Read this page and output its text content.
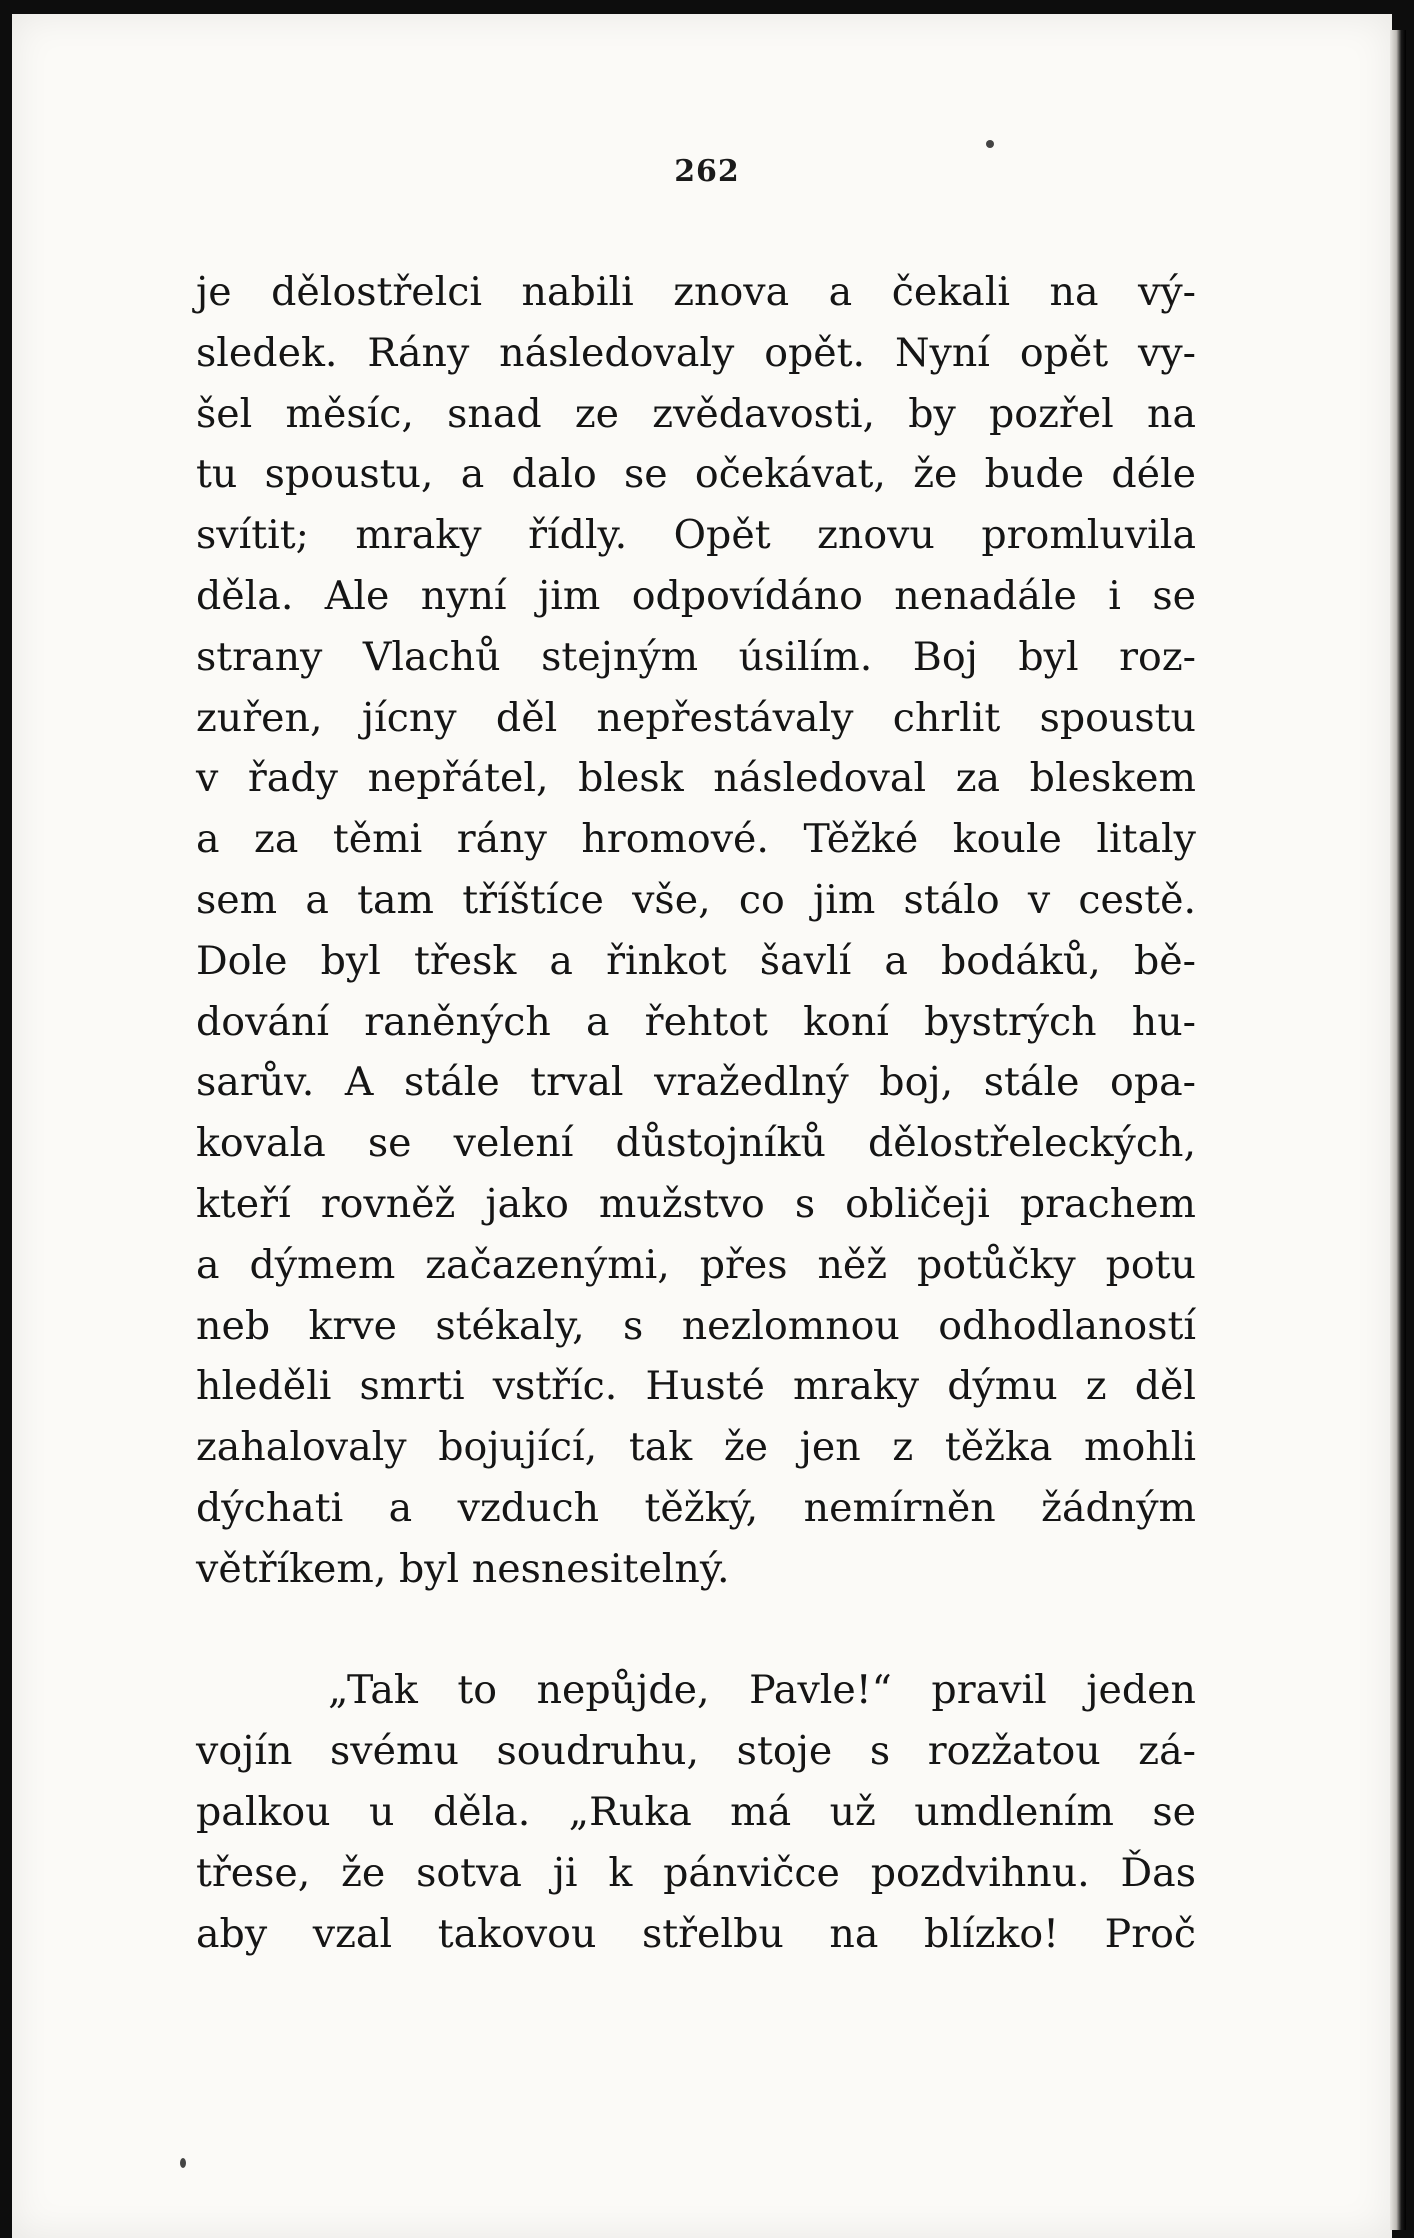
262
je dělostřelci nabili znova a čekali na vý-
sledek. Rány následovaly opět. Nyní opět vy-
šel měsíc, snad ze zvědavosti, by pozřel na
tu spoustu, a dalo se očekávat, že bude déle
svítit; mraky řídly. Opět znovu promluvila
děla. Ale nyní jim odpovídáno nenadále i se
strany Vlachů stejným úsilím. Boj byl roz-
zuřen, jícny děl nepřestávaly chrlit spoustu
v řady nepřátel, blesk následoval za bleskem
a za těmi rány hromové. Těžké koule litaly
sem a tam tříštíce vše, co jim stálo v cestě.
Dole byl třesk a řinkot šavlí a bodáků, bě-
dování raněných a řehtot koní bystrých hu-
sarův. A stále trval vražedlný boj, stále opa-
kovala se velení důstojníků dělostřeleckých,
kteří rovněž jako mužstvo s obličeji prachem
a dýmem začazenými, přes něž potůčky potu
neb krve stékaly, s nezlomnou odhodlaností
hleděli smrti vstříc. Husté mraky dýmu z děl
zahalovaly bojující, tak že jen z těžka mohli
dýchati a vzduch těžký, nemírněn žádným
větříkem, byl nesnesitelný.
„Tak to nepůjde, Pavle!“ pravil jeden
vojín svému soudruhu, stoje s rozžatou zá-
palkou u děla. „Ruka má už umdlením se
třese, že sotva ji k pánvičce pozdvihnu. Ďas
aby vzal takovou střelbu na blízko! Proč
